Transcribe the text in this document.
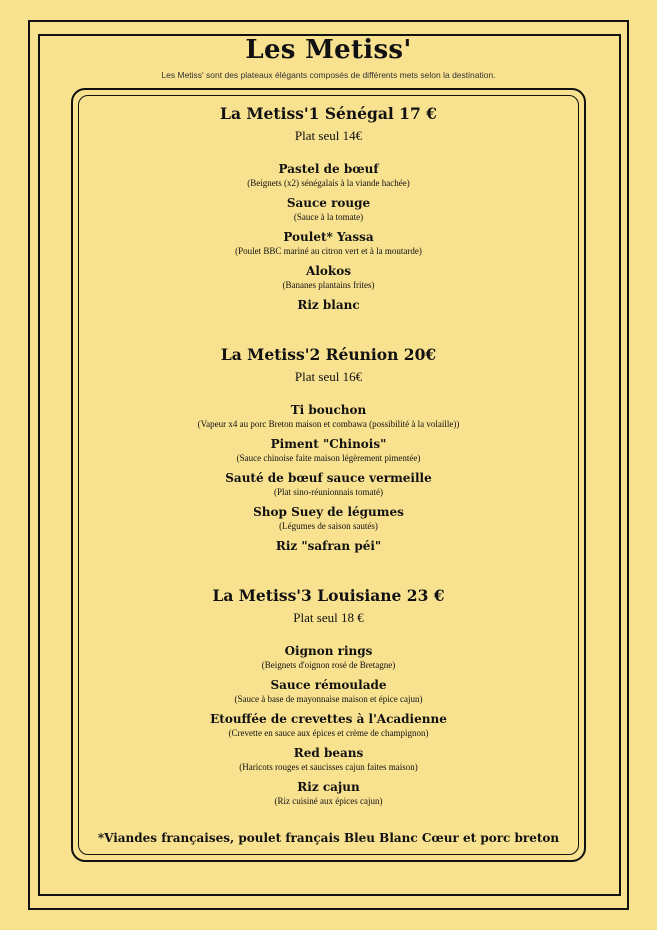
Les Metiss'
Les Metiss' sont des plateaux élégants composés de différents mets selon la destination.
La Metiss'1 Sénégal 17 €
Plat seul 14€
Pastel de bœuf
(Beignets (x2) sénégalais à la viande hachée)
Sauce rouge
(Sauce à la tomate)
Poulet* Yassa
(Poulet BBC mariné au citron vert et à la moutarde)
Alokos
(Bananes plantains frites)
Riz blanc
La Metiss'2 Réunion 20€
Plat seul 16€
Ti bouchon
(Vapeur x4 au porc Breton maison et combawa (possibilité à la volaille))
Piment "Chinois"
(Sauce chinoise faite maison légèrement pimentée)
Sauté de bœuf sauce vermeille
(Plat sino-réunionnais tomaté)
Shop Suey de légumes
(Légumes de saison sautés)
Riz "safran péi"
La Metiss'3 Louisiane 23 €
Plat seul 18 €
Oignon rings
(Beignets d'oignon rosé de Bretagne)
Sauce rémoulade
(Sauce à base de mayonnaise maison et épice cajun)
Etouffée de crevettes à l'Acadienne
(Crevette en sauce aux épices et crème de champignon)
Red beans
(Haricots rouges et saucisses cajun faites maison)
Riz cajun
(Riz cuisiné aux épices cajun)
*Viandes françaises, poulet français Bleu Blanc Cœur et porc breton
